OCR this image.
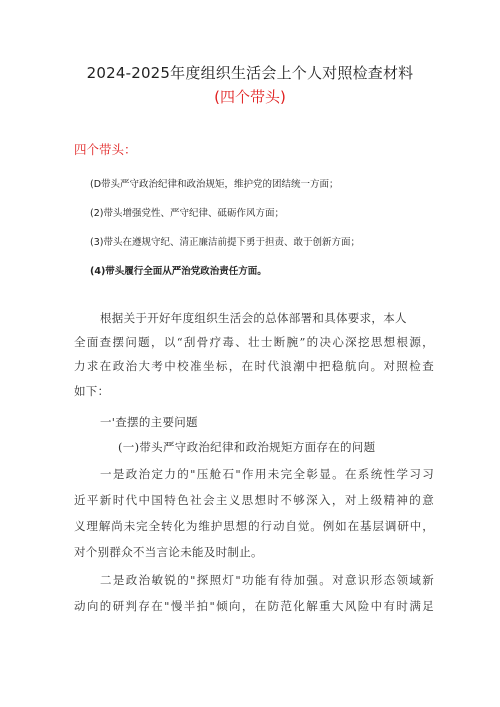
2024-2025年度组织生活会上个人对照检查材料
(四个带头)
四个带头：
(D带头严守政治纪律和政治规矩，维护党的团结统一方面；
(2)带头增强党性、严守纪律、砥砺作风方面；
(3)带头在遵规守纪、清正廉洁前提下勇于担责、敢于创新方面；
(4)带头履行全面从严治党政治责任方面。
根据关于开好年度组织生活会的总体部署和具体要求，本人
全面查摆问题，以“刮骨疗毒、壮士断腕”的决心深挖思想根源，
力求在政治大考中校准坐标，在时代浪潮中把稳航向。对照检查
如下：
一'查摆的主要问题
(一)带头严守政治纪律和政治规矩方面存在的问题
一是政治定力的"压舱石"作用未完全彰显。在系统性学习习
近平新时代中国特色社会主义思想时不够深入，对上级精神的意
义理解尚未完全转化为维护思想的行动自觉。例如在基层调研中，
对个别群众不当言论未能及时制止。
二是政治敏锐的"探照灯"功能有待加强。对意识形态领域新
动向的研判存在"慢半拍"倾向，在防范化解重大风险中有时满足
